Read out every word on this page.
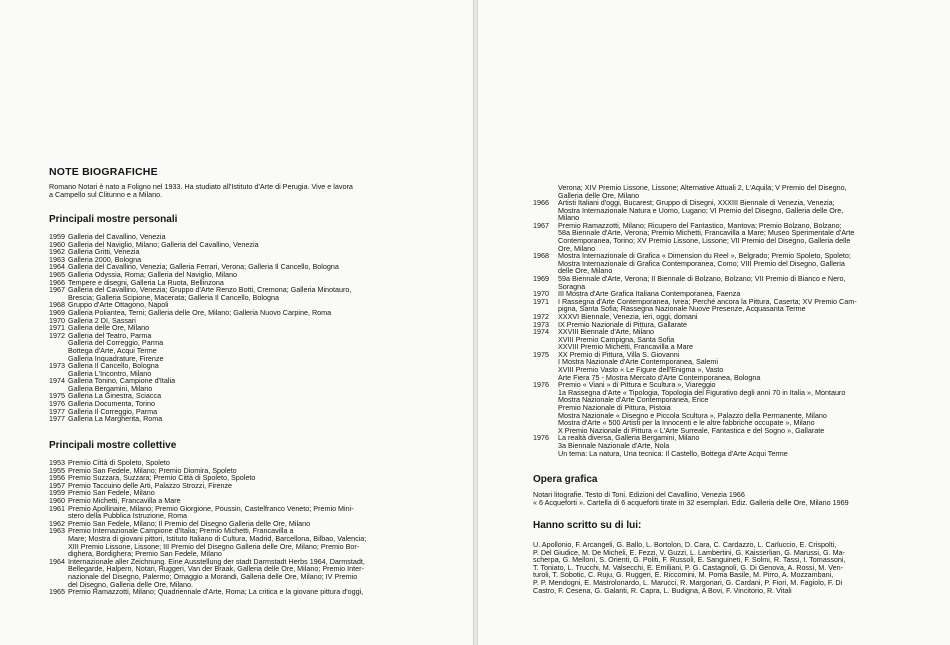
NOTE BIOGRAFICHE
Romano Notari è nato a Foligno nel 1933. Ha studiato all'Istituto d'Arte di Perugia. Vive e lavora
a Campello sul Clitunno e a Milano.
Principali mostre personali
1959 Galleria del Cavallino, Venezia
1960 Galleria del Naviglio, Milano; Galleria del Cavallino, Venezia
1962 Galleria Gritti, Venezia
1963 Galleria 2000, Bologna
1964 Galleria del Cavallino, Venezia; Galleria Ferrari, Verona; Galleria Il Cancello, Bologna
1965 Galleria Odyssia, Roma; Galleria del Naviglio, Milano
1966 Tempere e disegni, Galleria La Ruota, Bellinzona
1967 Galleria del Cavallino, Venezia; Gruppo d'Arte Renzo Botti, Cremona; Galleria Minotauro,
Brescia; Galleria Scipione, Macerata; Galleria Il Cancello, Bologna
1968 Gruppo d'Arte Ottagono, Napoli
1969 Galleria Poliantea, Terni; Galleria delle Ore, Milano; Galleria Nuovo Carpine, Roma
1970 Galleria 2 DI, Sassari
1971 Galleria delle Ore, Milano
1972 Galleria del Teatro, Parma
Galleria del Correggio, Parma
Bottega d'Arte, Acqui Terme
Galleria Inquadrature, Firenze
1973 Galleria Il Cancello, Bologna
Galleria L'Incontro, Milano
1974 Galleria Tonino, Campione d'Italia
Galleria Bergamini, Milano
1975 Galleria La Ginestra, Sciacca
1976 Galleria Documenta, Torino
1977 Galleria Il Correggio, Parma
1977 Galleria La Margherita, Roma
Principali mostre collettive
1953 Premio Città di Spoleto, Spoleto
1955 Premio San Fedele, Milano; Premio Diomira, Spoleto
1956 Premio Suzzara, Suzzara; Premio Città di Spoleto, Spoleto
1957 Premio Taccuino delle Arti, Palazzo Strozzi, Firenze
1959 Premio San Fedele, Milano
1960 Premio Michetti, Francavilla a Mare
1961 Premio Apollinaire, Milano; Premio Giorgione, Poussin, Castelfranco Veneto; Premio Mini-
stero della Pubblica Istruzione, Roma
1962 Premio San Fedele, Milano; Il Premio del Disegno Galleria delle Ore, Milano
1963 Premio Internazionale Campione d'Italia; Premio Michetti, Francavilla a
Mare; Mostra di giovani pittori, Istituto Italiano di Cultura, Madrid, Barcellona, Bilbao, Valencia;
XIII Premio Lissone, Lissone; III Premio del Disegno Galleria delle Ore, Milano; Premio Bor-
dighera, Bordighera; Premio San Fedele, Milano
1964 Internazionale aller Zeichnung. Eine Ausstellung der stadt Darmstadt Herbs 1964, Darmstadt,
Bellegarde, Halpern, Notari, Ruggeri, Van der Braak, Galleria delle Ore, Milano; Premio Inter-
nazionale del Disegno, Palermo; Omaggio a Morandi, Galleria delle Ore, Milano; IV Premio
del Disegno, Galleria delle Ore, Milano.
1965 Premio Ramazzotti, Milano; Quadriennale d'Arte, Roma; La critica e la giovane pittura d'oggi,
Verona; XIV Premio Lissone, Lissone; Alternative Attuali 2, L'Aquila; V Premio del Disegno,
Galleria delle Ore, Milano
1966	Artisti Italiani d'oggi, Bucarest; Gruppo di Disegni, XXXIII Biennale di Venezia, Venezia;
Mostra Internazionale Natura e Uomo, Lugano; VI Premio del Disegno, Galleria delle Ore,
Milano
1967	Premio Ramazzotti, Milano; Ricupero del Fantastico, Mantova; Premio Bolzano, Bolzano;
58a Biennale d'Arte, Verona; Premio Michetti, Francavilla a Mare; Museo Sperimentale d'Arte
Contemporanea, Torino; XV Premio Lissone, Lissone; VII Premio del Disegno, Galleria delle
Ore, Milano
1968	Mostra Internazionale di Grafica « Dimension du Reel », Belgrado; Premio Spoleto, Spoleto;
Mostra Internazionale di Grafica Contemporanea, Como; VIII Premio del Disegno, Galleria
delle Ore, Milano
1969	59a Biennale d'Arte, Verona; II Biennale di Bolzano, Bolzano; VII Premio di Bianco e Nero,
Soragna
1970	III Mostra d'Arte Grafica Italiana Contemporanea, Faenza
1971	I Rassegna d'Arte Contemporanea, Ivrea; Perché ancora la Pittura, Caserta; XV Premio Cam-
pigna, Santa Sofia; Rassegna Nazionale Nuove Presenze, Acquasanta Terme
1972	XXXVI Biennale, Venezia, ieri, oggi, domani
1973	IX Premio Nazionale di Pittura, Gallarate
1974	XXVIII Biennale d'Arte, Milano
XVIII Premio Campigna, Santa Sofia
XXVIII Premio Michetti, Francavilla a Mare
1975	XX Premio di Pittura, Villa S. Giovanni
I Mostra Nazionale d'Arte Contemporanea, Salemi
XVIII Premio Vasto « Le Figure dell'Enigma », Vasto
Arte Fiera 75 - Mostra Mercato d'Arte Contemporanea, Bologna
1976	Premio « Viani » di Pittura e Scultura », Viareggio
1a Rassegna d'Arte « Tipologia, Topologia del Figurativo degli anni 70 in Italia », Montauro
Mostra Nazionale d'Arte Contemporanea, Erice
Premio Nazionale di Pittura, Pistoia
Mostra Nazionale « Disegno e Piccola Scultura », Palazzo della Permanente, Milano
Mostra d'Arte « 500 Artisti per la Innocenti e le altre fabbriche occupate », Milano
X Premio Nazionale di Pittura « L'Arte Surreale, Fantastica e del Sogno », Gallarate
1976	La realtà diversa, Galleria Bergamini, Milano
3a Biennale Nazionale d'Arte, Nola
Un tema: La natura, Una tecnica: Il Castello, Bottega d'Arte Acqui Terme
Opera grafica
Notari litografie. Testo di Toni. Edizioni del Cavallino, Venezia 1966
« 6 Acqueforti ». Cartella di 6 acqueforti tirate in 32 esemplari. Ediz. Galleria delle Ore, Milano 1969
Hanno scritto su di lui:
U. Apollonio, F. Arcangeli, G. Ballo, L. Bortolon, D. Cara, C. Cardazzo, L. Carluccio, E. Crispolti,
P. Del Giudice, M. De Micheli, E. Fezzi, V. Guzzi, L. Lambertini, G. Kaisserlian, G. Marussi, G. Ma-
scherpa, G. Mellonì, S. Orienti, G. Politi, F. Russoli, E. Sanguineti, F. Solmi, R. Tassi, I. Tomassoni,
T. Toniato, L. Trucchi, M. Valsecchi, E. Emiliani, P. G. Castagnoli, G. Di Genova, A. Rossi, M. Ven-
turoli, T. Sobotic, C. Ruju, G. Ruggeri, E. Riccomini, M. Poma Basile, M. Pirro, A. Mozzambani,
P. P. Mendogni, E. Mastrolonardo, L. Marucci, R. Margonari, G. Cardani, P. Fiori, M. Fagiolo, F. Di
Castro, F. Cesena, G. Galanti, R. Capra, L. Budigna, A Bovi, F. Vincitorio, R. Vitali
